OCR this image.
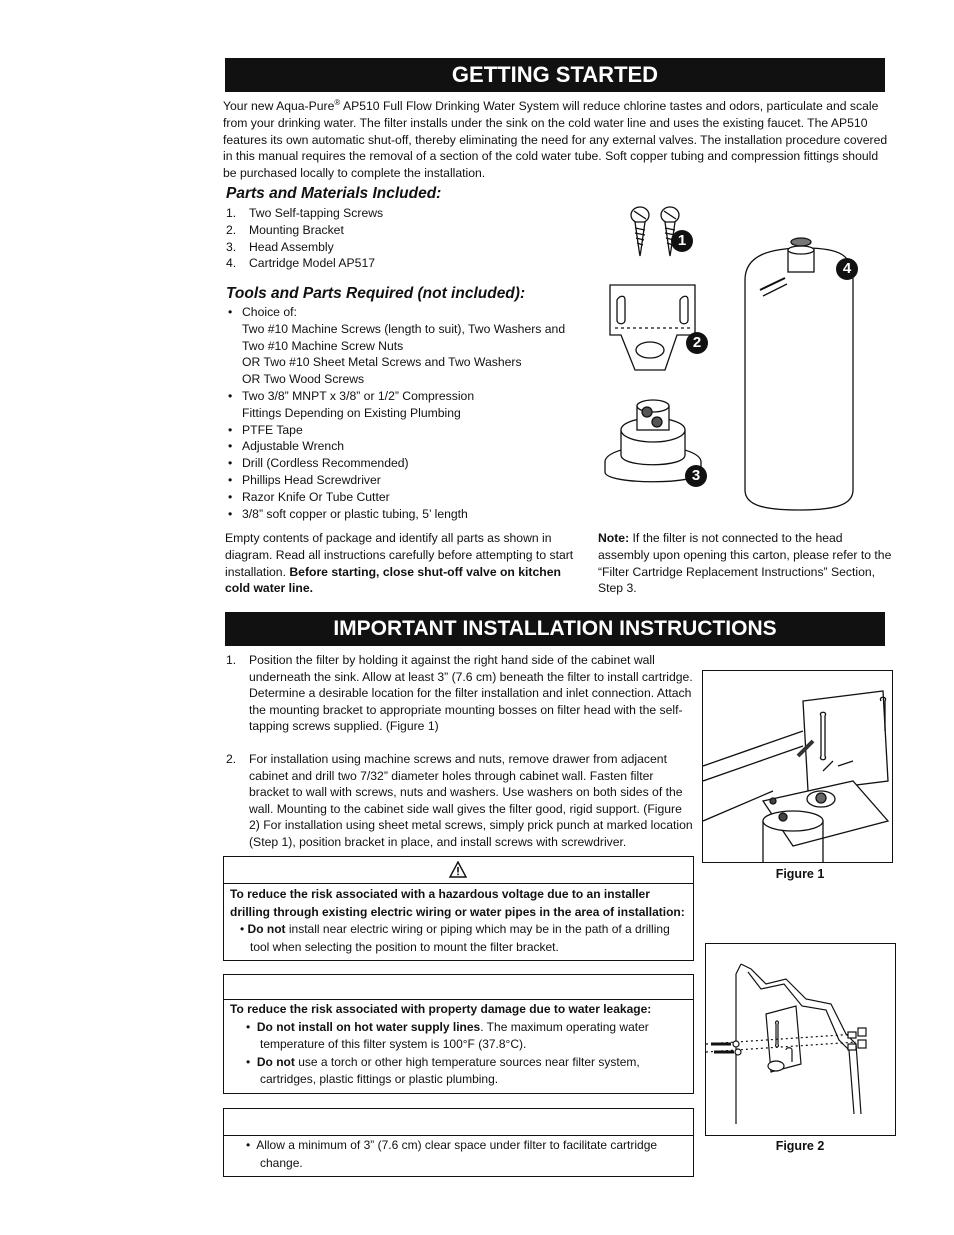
GETTING STARTED
Your new Aqua-Pure® AP510 Full Flow Drinking Water System will reduce chlorine tastes and odors, particulate and scale from your drinking water. The filter installs under the sink on the cold water line and uses the existing faucet. The AP510 features its own automatic shut-off, thereby eliminating the need for any external valves. The installation procedure covered in this manual requires the removal of a section of the cold water tube. Soft copper tubing and compression fittings should be purchased locally to complete the installation.
Parts and Materials Included:
1. Two Self-tapping Screws
2. Mounting Bracket
3. Head Assembly
4. Cartridge Model AP517
Tools and Parts Required (not included):
• Choice of:
Two #10 Machine Screws (length to suit), Two Washers and
Two #10 Machine Screw Nuts
OR Two #10 Sheet Metal Screws and Two Washers
OR Two Wood Screws
• Two 3/8” MNPT x 3/8” or 1/2” Compression
Fittings Depending on Existing Plumbing
• PTFE Tape
• Adjustable Wrench
• Drill (Cordless Recommended)
• Phillips Head Screwdriver
• Razor Knife Or Tube Cutter
• 3/8” soft copper or plastic tubing, 5’ length
1
2
3
4
Empty contents of package and identify all parts as shown in diagram. Read all instructions carefully before attempting to start installation. Before starting, close shut-off valve on kitchen cold water line.
Note: If the filter is not connected to the head assembly upon opening this carton, please refer to the “Filter Cartridge Replacement Instructions” Section, Step 3.
IMPORTANT INSTALLATION INSTRUCTIONS
1. Position the filter by holding it against the right hand side of the cabinet wall underneath the sink. Allow at least 3” (7.6 cm) beneath the filter to install cartridge. Determine a desirable location for the filter installation and inlet connection. Attach the mounting bracket to appropriate mounting bosses on filter head with the self-tapping screws supplied. (Figure 1)
2. For installation using machine screws and nuts, remove drawer from adjacent cabinet and drill two 7/32” diameter holes through cabinet wall. Fasten filter bracket to wall with screws, nuts and washers. Use washers on both sides of the wall. Mounting to the cabinet side wall gives the filter good, rigid support. (Figure 2) For installation using sheet metal screws, simply prick punch at marked location (Step 1), position bracket in place, and install screws with screwdriver.
To reduce the risk associated with a hazardous voltage due to an installer drilling through existing electric wiring or water pipes in the area of installation:
• Do not install near electric wiring or piping which may be in the path of a drilling tool when selecting the position to mount the filter bracket.
To reduce the risk associated with property damage due to water leakage:
•  Do not install on hot water supply lines. The maximum operating water temperature of this filter system is 100°F (37.8°C).
•  Do not use a torch or other high temperature sources near filter system, cartridges, plastic fittings or plastic plumbing.
•  Allow a minimum of 3” (7.6 cm) clear space under filter to facilitate cartridge change.
Figure 1
Figure 2
